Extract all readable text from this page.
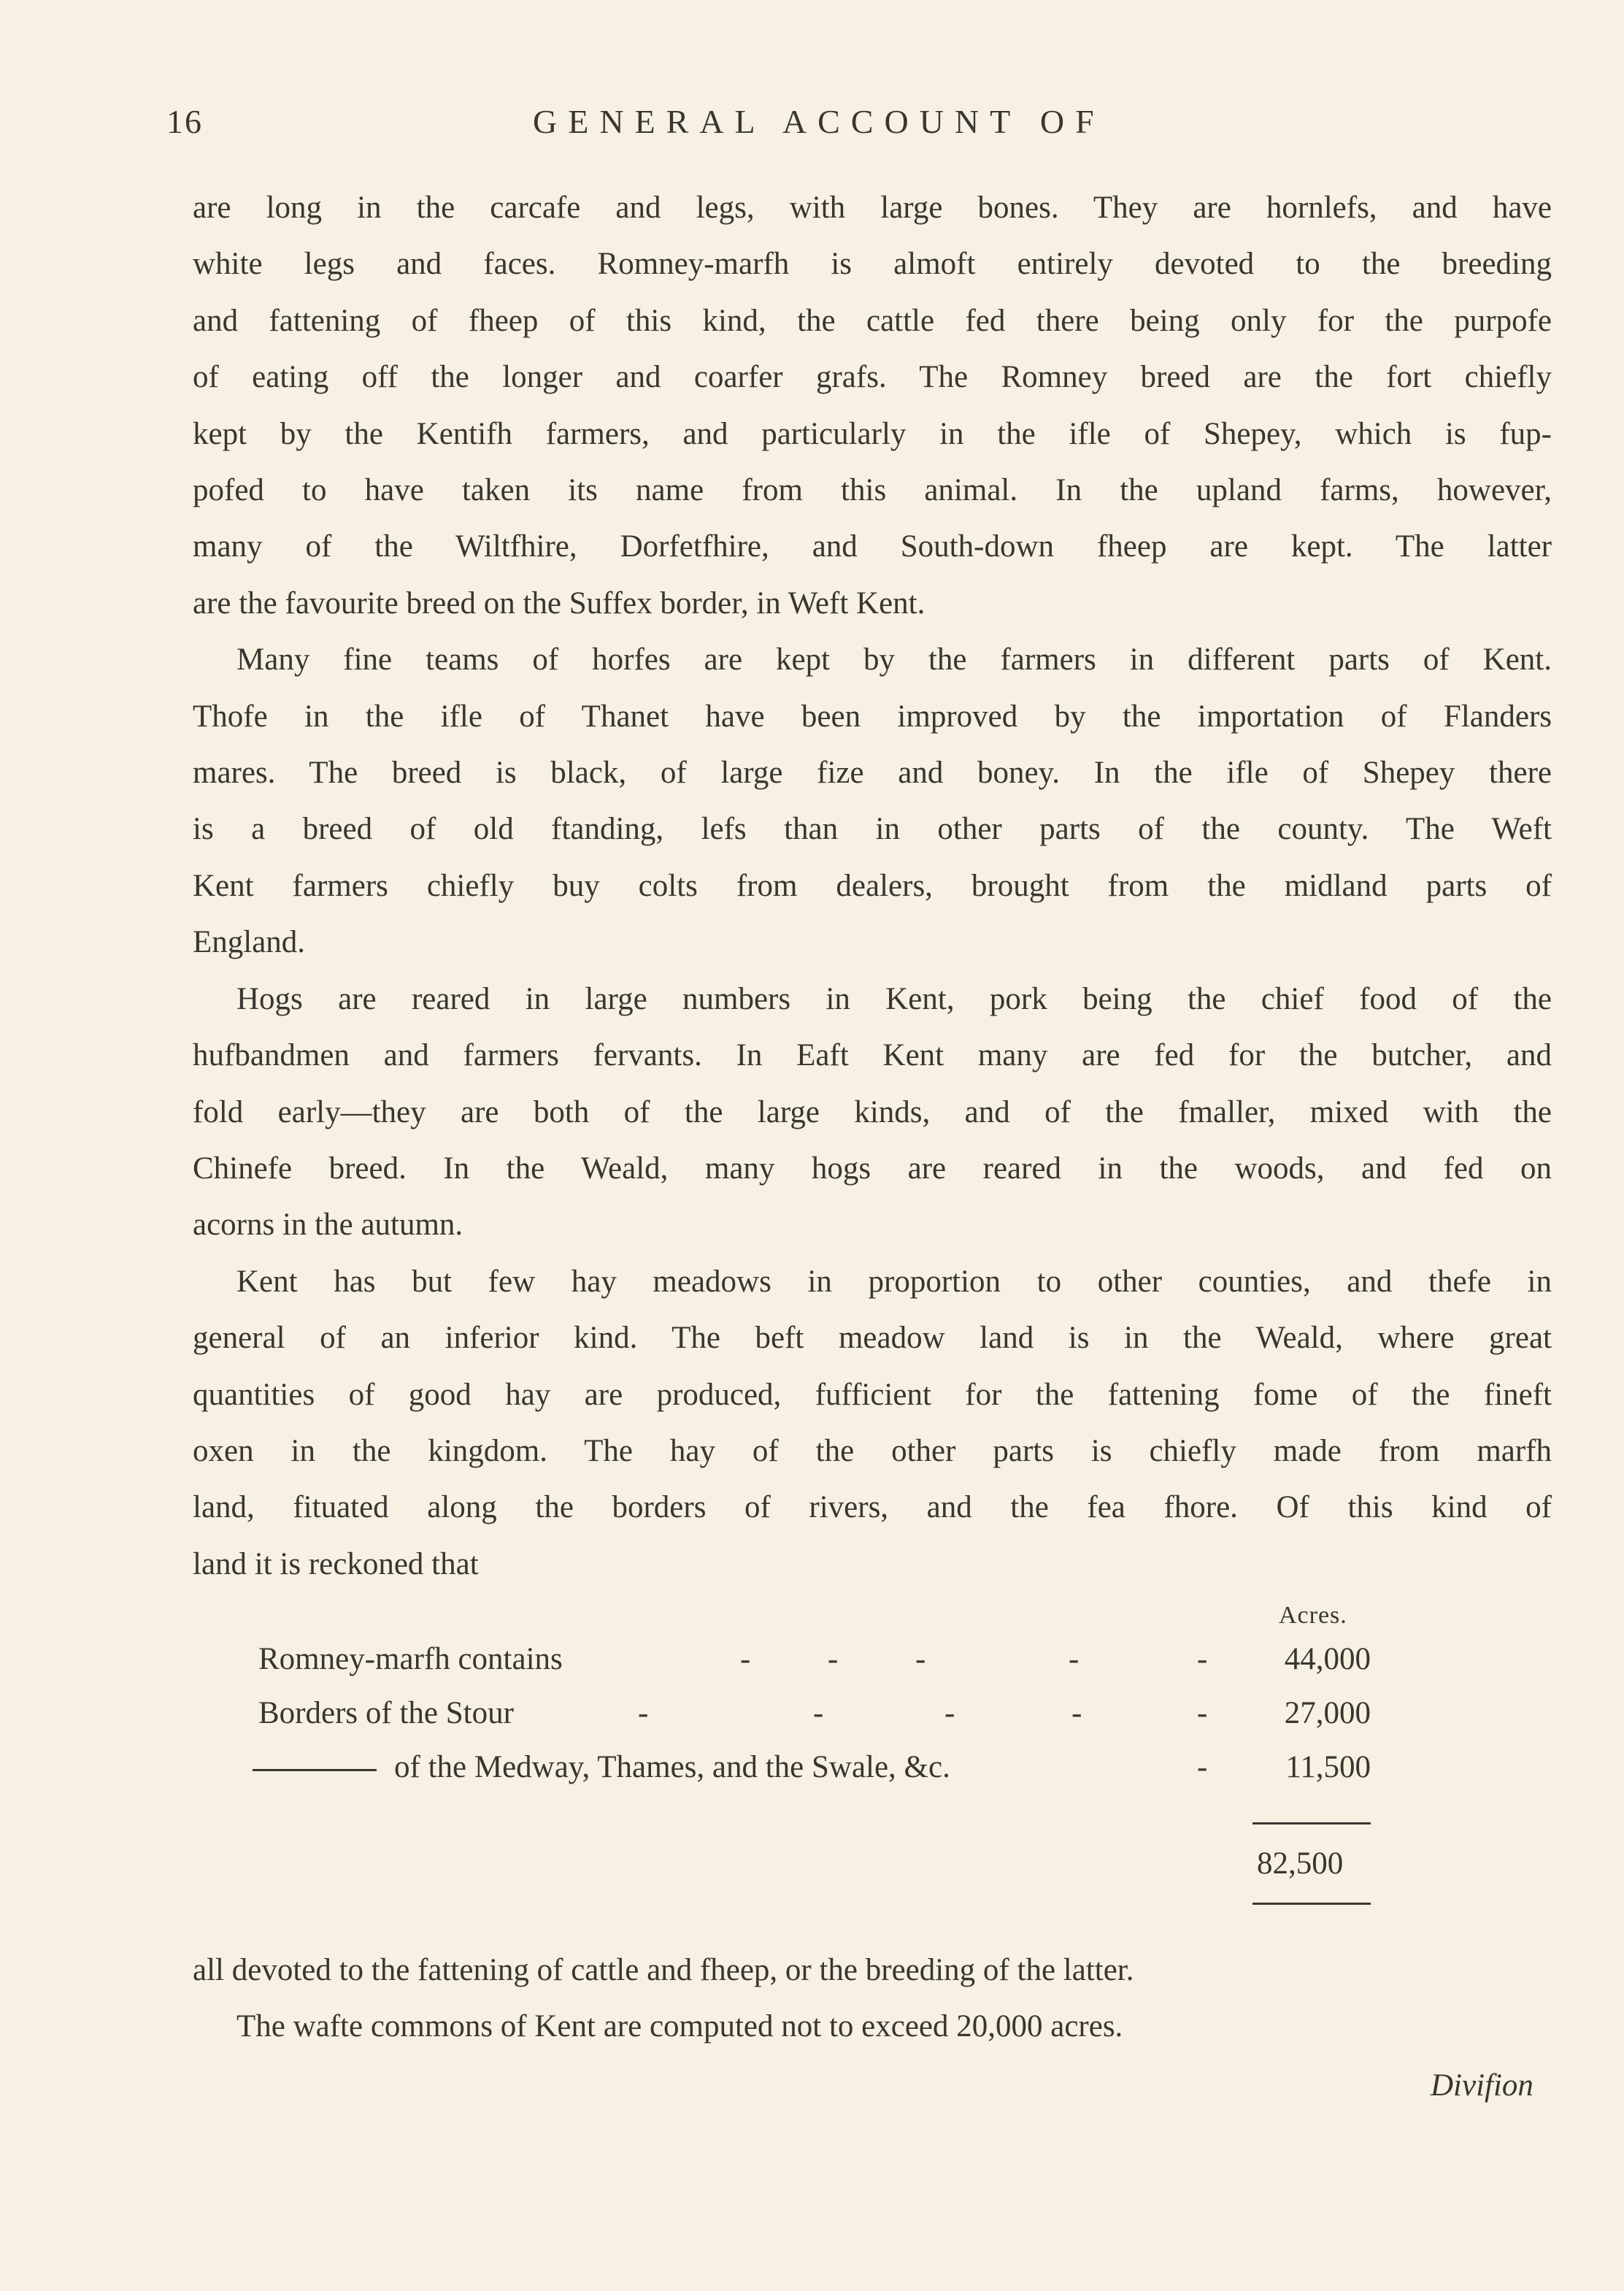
16	GENERAL ACCOUNT OF

are long in the carcafe and legs, with large bones. They are hornlefs, and have

white legs and faces. Romney-marfh is almoft entirely devoted to the breeding

and fattening of fheep of this kind, the cattle fed there being only for the purpofe

of eating off the longer and coarfer grafs. The Romney breed are the fort chiefly

kept by the Kentifh farmers, and particularly in the ifle of Shepey, which is fup-

pofed to have taken its name from this animal. In the upland farms, however,

many of the Wiltfhire, Dorfetfhire, and South-down fheep are kept. The latter

are the favourite breed on the Suffex border, in Weft Kent.

Many fine teams of horfes are kept by the farmers in different parts of Kent.

Thofe in the ifle of Thanet have been improved by the importation of Flanders

mares. The breed is black, of large fize and boney. In the ifle of Shepey there

is a breed of old ftanding, lefs than in other parts of the county. The Weft

Kent farmers chiefly buy colts from dealers, brought from the midland parts of

England.

Hogs are reared in large numbers in Kent, pork being the chief food of the

hufbandmen and farmers fervants. In Eaft Kent many are fed for the butcher, and

fold early—they are both of the large kinds, and of the fmaller, mixed with the

Chinefe breed. In the Weald, many hogs are reared in the woods, and fed on

acorns in the autumn.

Kent has but few hay meadows in proportion to other counties, and thefe in

general of an inferior kind. The beft meadow land is in the Weald, where great

quantities of good hay are produced, fufficient for the fattening fome of the fineft

oxen in the kingdom. The hay of the other parts is chiefly made from marfh

land, fituated along the borders of rivers, and the fea fhore. Of this kind of

land it is reckoned that

Acres.
Romney-marfh contains	- - -	-	- 44,000
Borders of the Stour	-	-	-	-	- 27,000
of the Medway, Thames, and the Swale, &c.	- 11,500
82,500

all devoted to the fattening of cattle and fheep, or the breeding of the latter.

The wafte commons of Kent are computed not to exceed 20,000 acres.

Divifion
